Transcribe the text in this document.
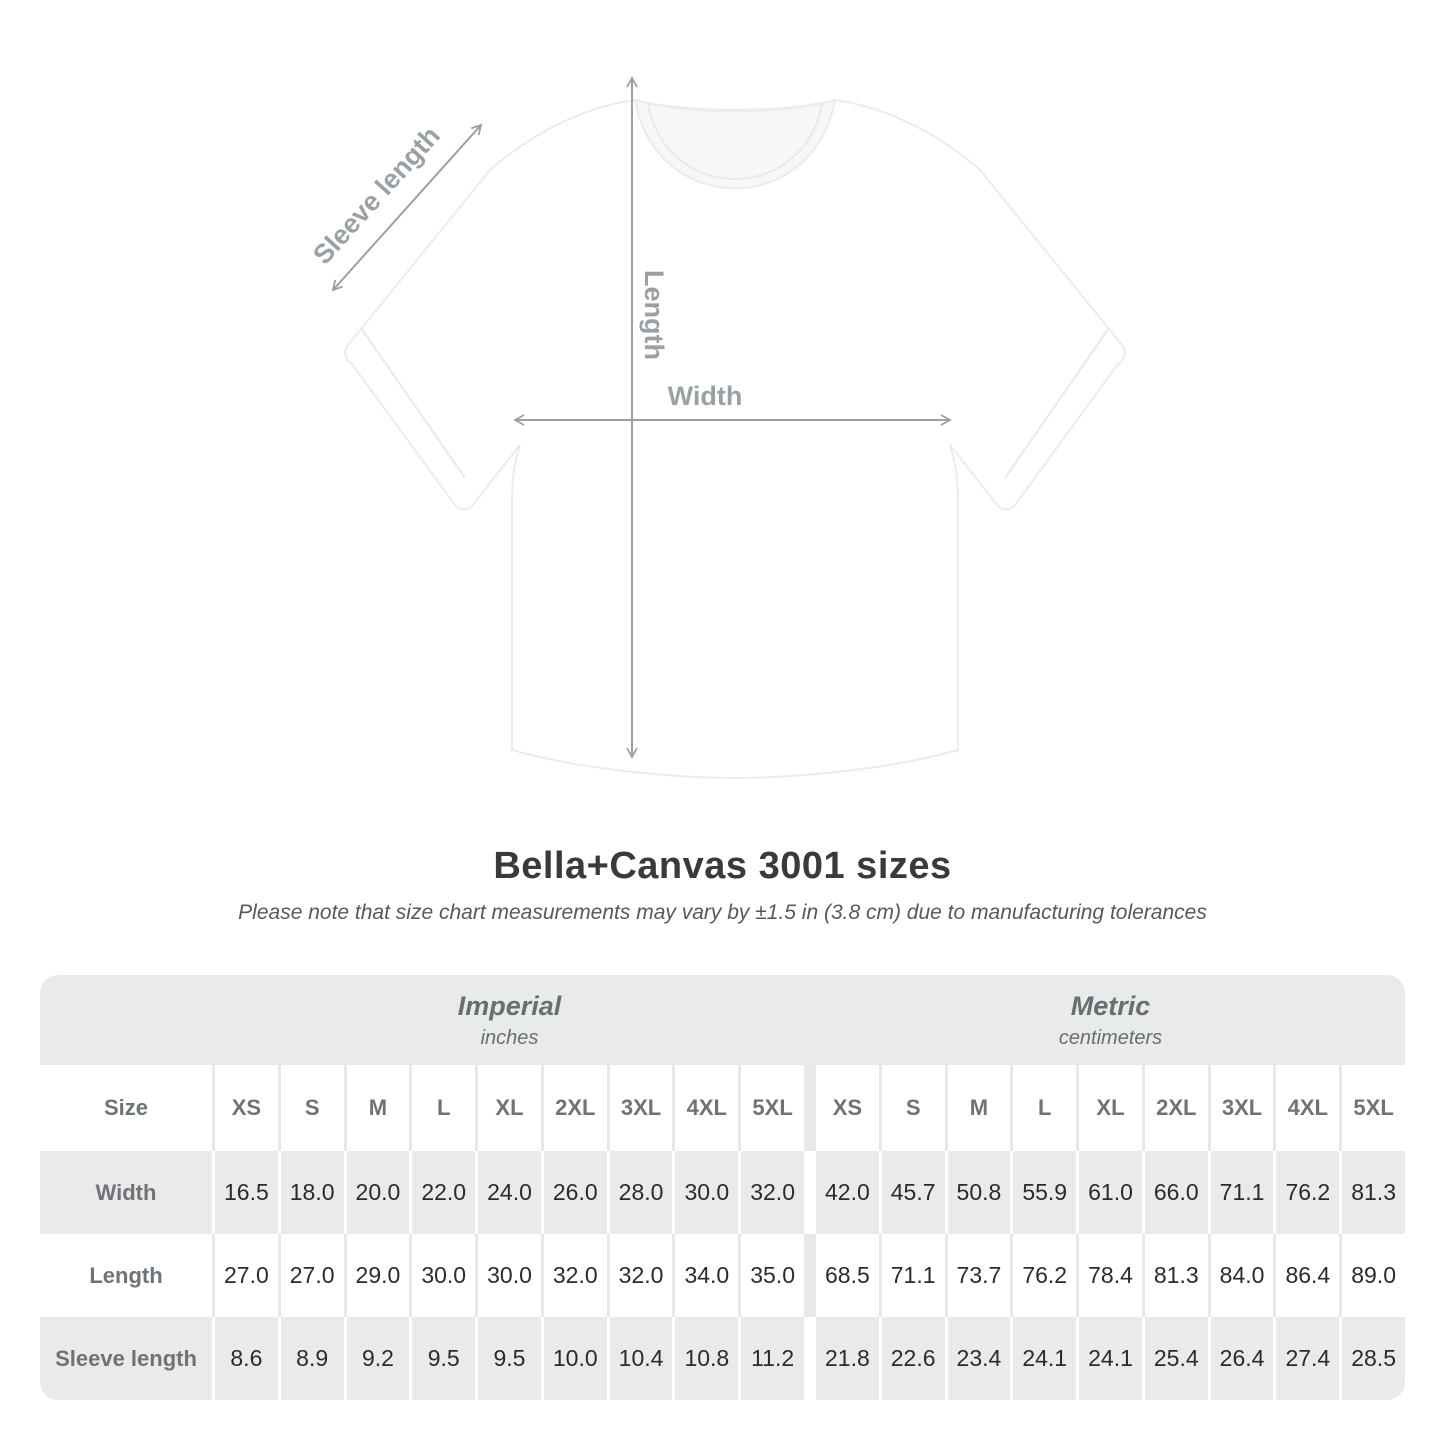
Sleeve length
Length
Width
Bella+Canvas 3001 sizes
Please note that size chart measurements may vary by ±1.5 in (3.8 cm) due to manufacturing tolerances
Imperial
inches
Metric
centimeters
Size	XS	S	M	L	XL	2XL	3XL	4XL	5XL	XS	S	M	L	XL	2XL	3XL	4XL	5XL
Width	16.5 18.0 20.0 22.0 24.0 26.0 28.0 30.0 32.0	42.0 45.7 50.8 55.9 61.0 66.0 71.1 76.2 81.3
Length	27.0 27.0 29.0 30.0 30.0 32.0 32.0 34.0 35.0	68.5 71.1 73.7 76.2 78.4 81.3 84.0 86.4 89.0
Sleeve length	8.6	8.9	9.2	9.5	9.5	10.0 10.4 10.8 11.2	21.8 22.6 23.4 24.1 24.1 25.4 26.4 27.4 28.5
